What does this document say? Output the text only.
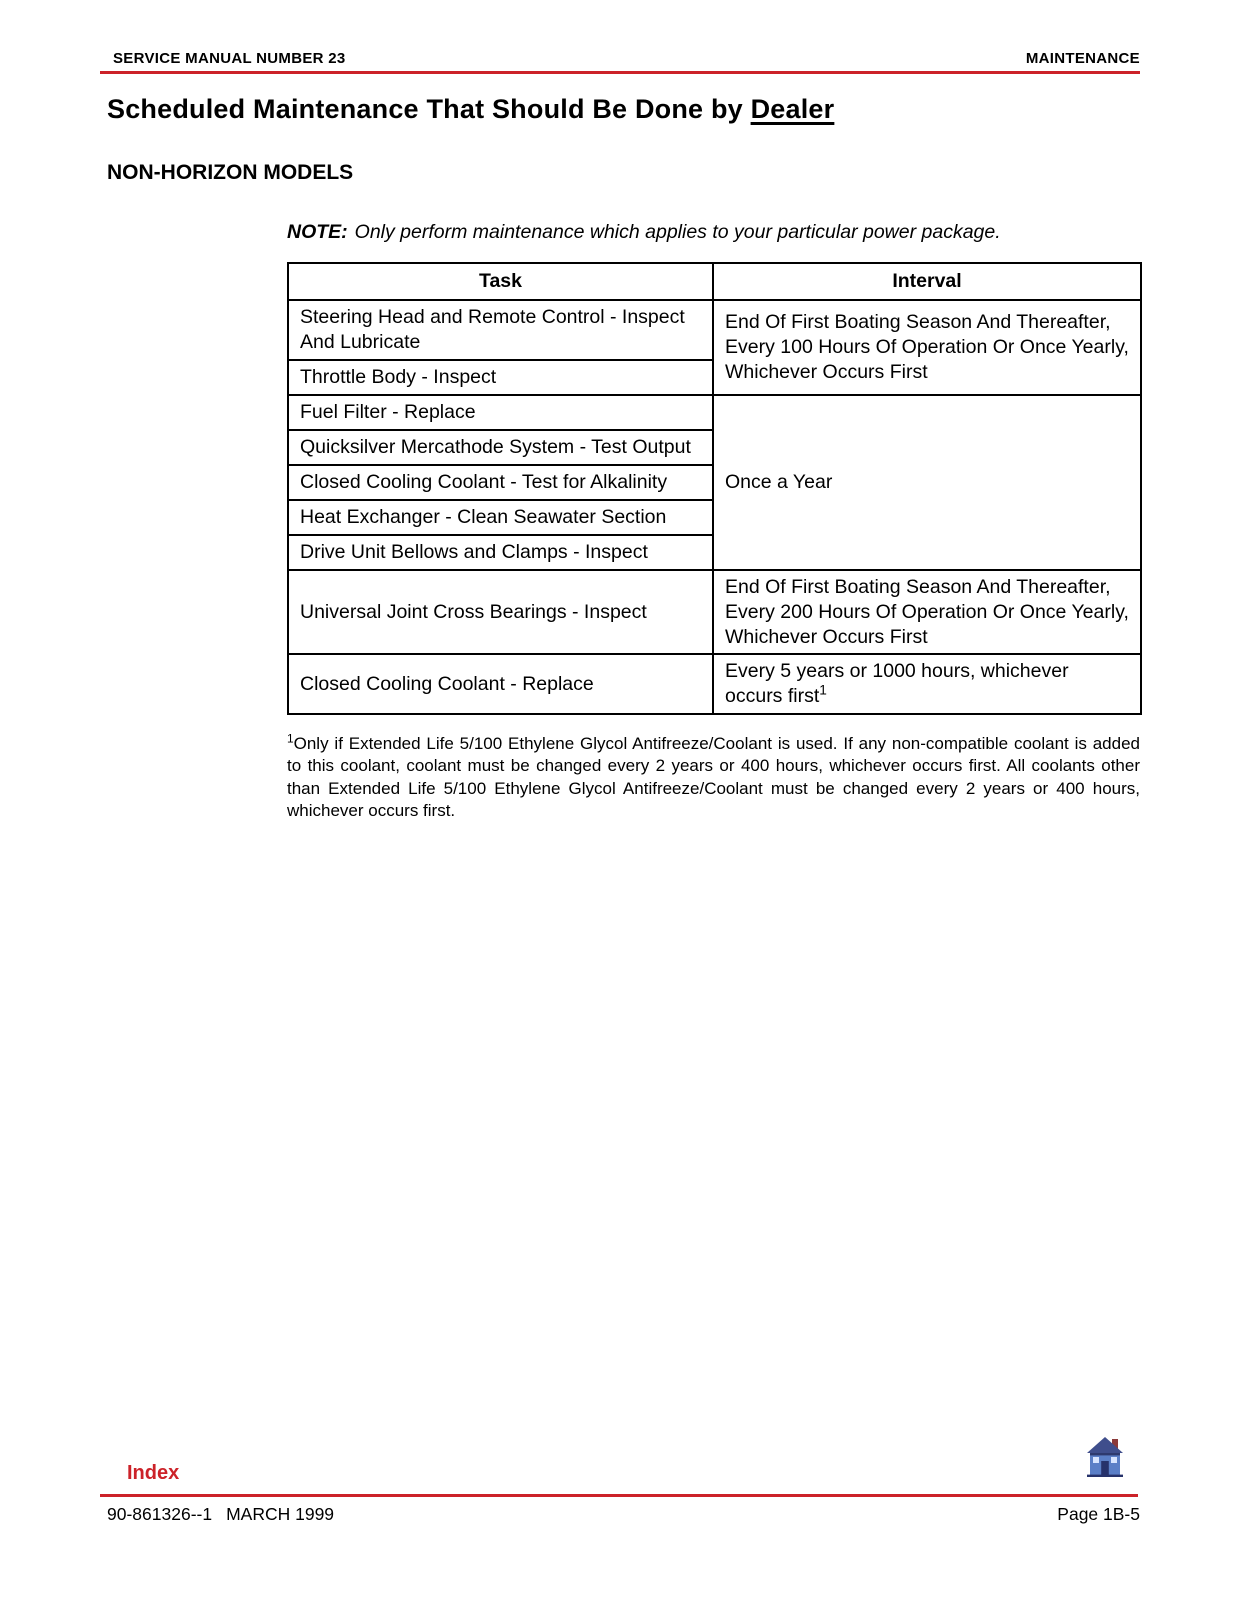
SERVICE MANUAL NUMBER 23	MAINTENANCE
Scheduled Maintenance That Should Be Done by Dealer
NON-HORIZON MODELS

NOTE: Only perform maintenance which applies to your particular power package.

Task	Interval
Steering Head and Remote Control - Inspect And Lubricate	End Of First Boating Season And Thereafter, Every 100 Hours Of Operation Or Once Yearly, Whichever Occurs First
Throttle Body - Inspect	
Fuel Filter - Replace	Once a Year
Quicksilver Mercathode System - Test Output	
Closed Cooling Coolant - Test for Alkalinity	
Heat Exchanger - Clean Seawater Section	
Drive Unit Bellows and Clamps - Inspect	
Universal Joint Cross Bearings - Inspect	End Of First Boating Season And Thereafter, Every 200 Hours Of Operation Or Once Yearly, Whichever Occurs First
Closed Cooling Coolant - Replace	Every 5 years or 1000 hours, whichever occurs first$^1$

$^1$Only if Extended Life 5/100 Ethylene Glycol Antifreeze/Coolant is used. If any non-compatible coolant is added to this coolant, coolant must be changed every 2 years or 400 hours, whichever occurs first. All coolants other than Extended Life 5/100 Ethylene Glycol Antifreeze/Coolant must be changed every 2 years or 400 hours, whichever occurs first.

Index
90-861326--1 MARCH 1999	Page 1B-5
